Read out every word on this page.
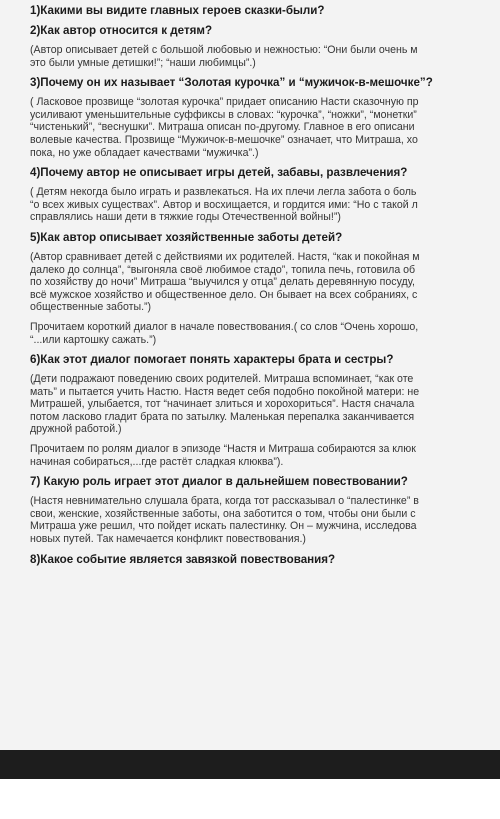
1)Какими вы видите главных героев сказки-были?
2)Как автор относится к детям?
(Автор описывает детей с большой любовью и нежностью: “Они были очень м
это были умные детишки!”; “наши любимцы”.)
3)Почему он их называет “Золотая курочка” и “мужичок-в-мешочке”?
( Ласковое прозвище “золотая курочка” придает описанию Насти сказочную пр
усиливают уменьшительные суффиксы в словах: “курочка”, “ножки”, “монетки”
“чистенький”, “веснушки”. Митраша описан по-другому. Главное в его описани
волевые качества. Прозвище “Мужичок-в-мешочке” означает, что Митраша, хо
пока, но уже обладает качествами “мужичка”.)
4)Почему автор не описывает игры детей, забавы, развлечения?
( Детям некогда было играть и развлекаться. На их плечи легла забота о боль
“о всех живых существах”. Автор и восхищается, и гордится ими: “Но с такой л
справлялись наши дети в тяжкие годы Отечественной войны!”)
5)Как автор описывает хозяйственные заботы детей?
(Автор сравнивает детей с действиями их родителей. Настя, “как и покойная м
далеко до солнца”, “выгоняла своё любимое стадо”, топила печь, готовила об
по хозяйству до ночи” Митраша “выучился у отца” делать деревянную посуду,
всё мужское хозяйство и общественное дело. Он бывает на всех собраниях, с
общественные заботы.”)
Прочитаем короткий диалог в начале повествования.( со слов “Очень хорошо,
“...или картошку сажать.”)
6)Как этот диалог помогает понять характеры брата и сестры?
(Дети подражают поведению своих родителей. Митраша вспоминает, “как оте
мать” и пытается учить Настю. Настя ведет себя подобно покойной матери: не
Митрашей, улыбается, тот “начинает злиться и хорохориться”. Настя сначала
потом ласково гладит брата по затылку. Маленькая перепалка заканчивается
дружной работой.)
Прочитаем по ролям диалог в эпизоде “Настя и Митраша собираются за клюк
начиная собираться,...где растёт сладкая клюква”).
7) Какую роль играет этот диалог в дальнейшем повествовании?
(Настя невнимательно слушала брата, когда тот рассказывал о “палестинке” в
свои, женские, хозяйственные заботы, она заботится о том, чтобы они были с
Митраша уже решил, что пойдет искать палестинку. Он – мужчина, исследова
новых путей. Так намечается конфликт повествования.)
8)Какое событие является завязкой повествования?
